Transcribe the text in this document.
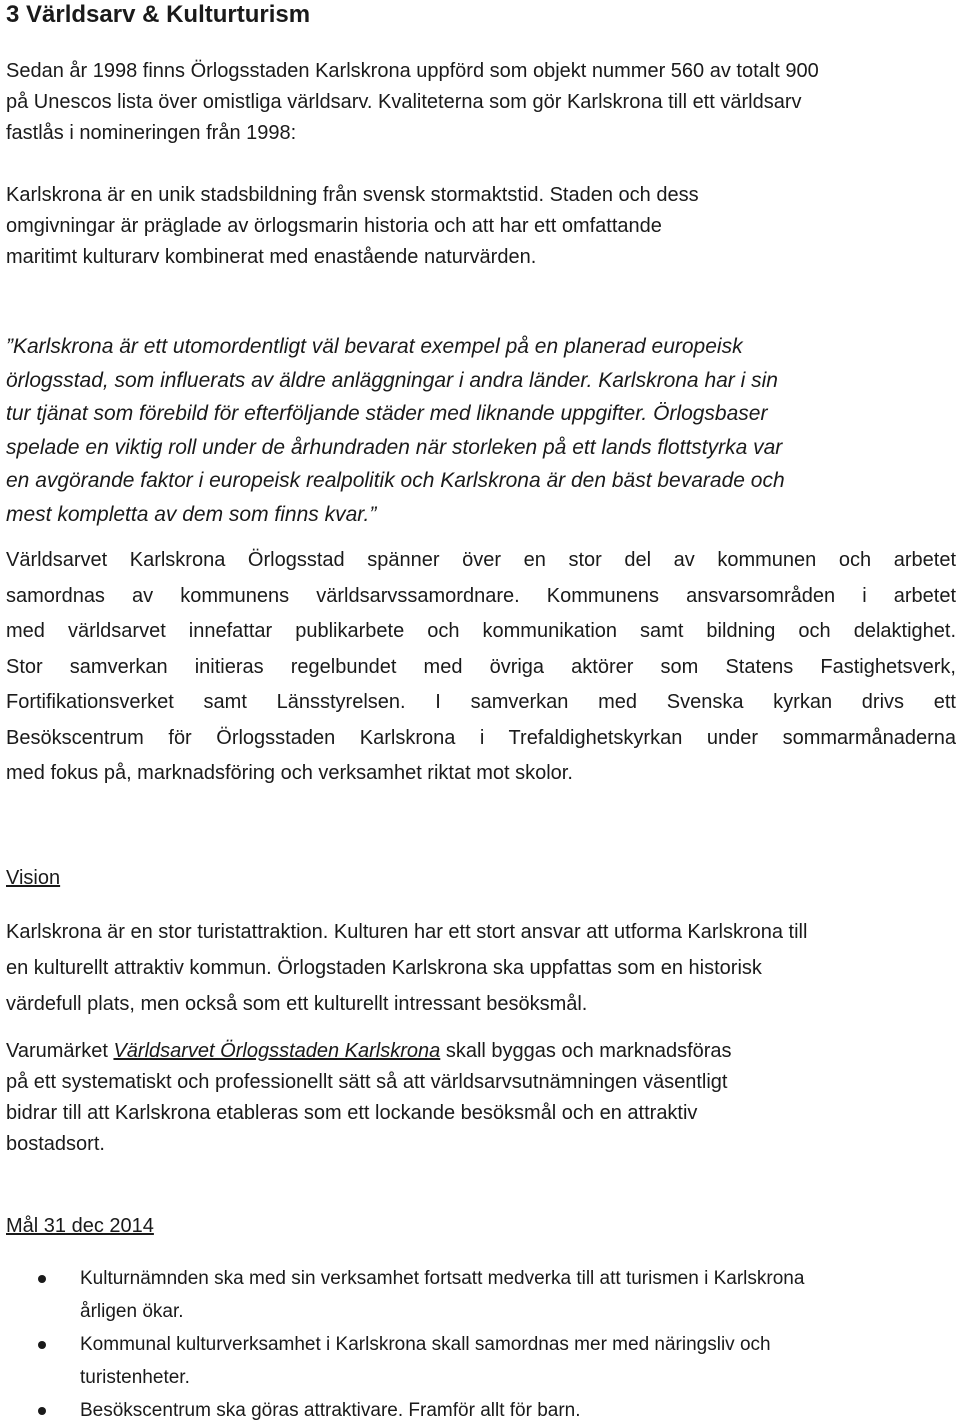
3 Världsarv & Kulturturism
Sedan år 1998 finns Örlogsstaden Karlskrona uppförd som objekt nummer 560 av totalt 900
på Unescos lista över omistliga världsarv. Kvaliteterna som gör Karlskrona till ett världsarv
fastlås i nomineringen från 1998:
Karlskrona är en unik stadsbildning från svensk stormaktstid. Staden och dess
omgivningar är präglade av örlogsmarin historia och att har ett omfattande
maritimt kulturarv kombinerat med enastående naturvärden.
”Karlskrona är ett utomordentligt väl bevarat exempel på en planerad europeisk
örlogsstad, som influerats av äldre anläggningar i andra länder. Karlskrona har i sin
tur tjänat som förebild för efterföljande städer med liknande uppgifter. Örlogsbaser
spelade en viktig roll under de århundraden när storleken på ett lands flottstyrka var
en avgörande faktor i europeisk realpolitik och Karlskrona är den bäst bevarade och
mest kompletta av dem som finns kvar.”
Världsarvet Karlskrona Örlogsstad spänner över en stor del av kommunen och arbetet
samordnas av kommunens världsarvssamordnare. Kommunens ansvarsområden i arbetet
med världsarvet innefattar publikarbete och kommunikation samt bildning och delaktighet.
Stor samverkan initieras regelbundet med övriga aktörer som Statens Fastighetsverk,
Fortifikationsverket samt Länsstyrelsen. I samverkan med Svenska kyrkan drivs ett
Besökscentrum för Örlogsstaden Karlskrona i Trefaldighetskyrkan under sommarmånaderna
med fokus på, marknadsföring och verksamhet riktat mot skolor.
Vision
Karlskrona är en stor turistattraktion. Kulturen har ett stort ansvar att utforma Karlskrona till
en kulturellt attraktiv kommun. Örlogstaden Karlskrona ska uppfattas som en historisk
värdefull plats, men också som ett kulturellt intressant besöksmål.
Varumärket Världsarvet Örlogsstaden Karlskrona skall byggas och marknadsföras
på ett systematiskt och professionellt sätt så att världsarvsutnämningen väsentligt
bidrar till att Karlskrona etableras som ett lockande besöksmål och en attraktiv
bostadsort.
Mål 31 dec 2014
Kulturnämnden ska med sin verksamhet fortsatt medverka till att turismen i Karlskrona
årligen ökar.
Kommunal kulturverksamhet i Karlskrona skall samordnas mer med näringsliv och
turistenheter.
Besökscentrum ska göras attraktivare. Framför allt för barn.
